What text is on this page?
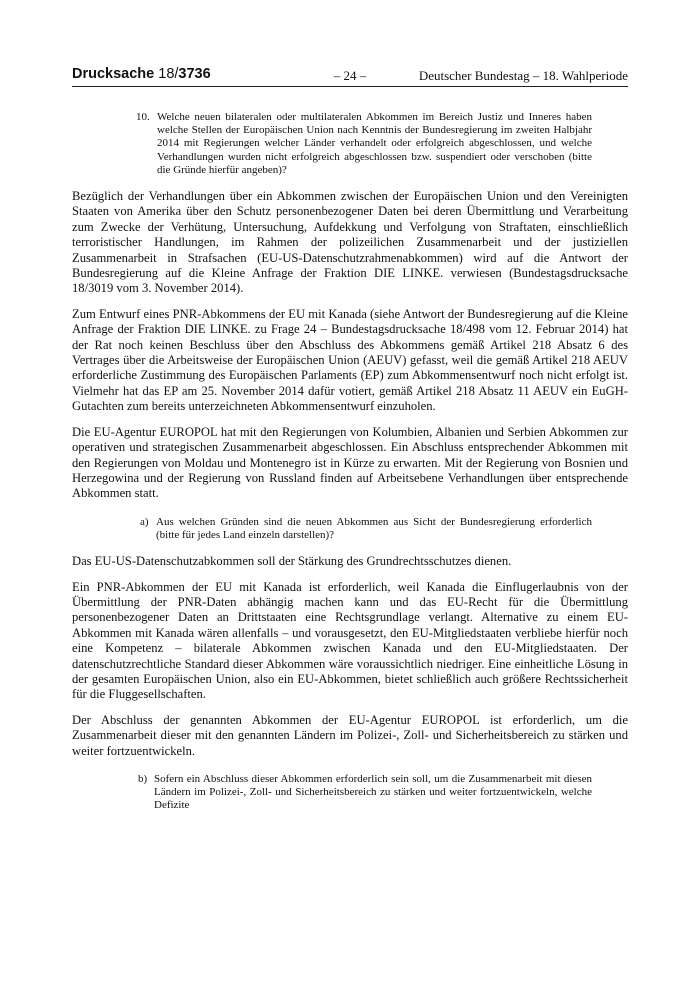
Drucksache 18/3736	– 24 –	Deutscher Bundestag – 18. Wahlperiode
10. Welche neuen bilateralen oder multilateralen Abkommen im Bereich Justiz und Inneres haben welche Stellen der Europäischen Union nach Kenntnis der Bundesregierung im zweiten Halbjahr 2014 mit Regierungen welcher Länder verhandelt oder erfolgreich abgeschlossen, und welche Verhandlungen wurden nicht erfolgreich abgeschlossen bzw. suspendiert oder verschoben (bitte die Gründe hierfür angeben)?

Bezüglich der Verhandlungen über ein Abkommen zwischen der Europäischen Union und den Vereinigten Staaten von Amerika über den Schutz personenbezogener Daten bei deren Übermittlung und Verarbeitung zum Zwecke der Verhütung, Untersuchung, Aufdekkung und Verfolgung von Straftaten, einschließlich terroristischer Handlungen, im Rahmen der polizeilichen Zusammenarbeit und der justiziellen Zusammenarbeit in Strafsachen (EU-US-Datenschutzrahmenabkommen) wird auf die Antwort der Bundesregierung auf die Kleine Anfrage der Fraktion DIE LINKE. verwiesen (Bundestagsdrucksache 18/3019 vom 3. November 2014).

Zum Entwurf eines PNR-Abkommens der EU mit Kanada (siehe Antwort der Bundesregierung auf die Kleine Anfrage der Fraktion DIE LINKE. zu Frage 24 – Bundestagsdrucksache 18/498 vom 12. Februar 2014) hat der Rat noch keinen Beschluss über den Abschluss des Abkommens gemäß Artikel 218 Absatz 6 des Vertrages über die Arbeitsweise der Europäischen Union (AEUV) gefasst, weil die gemäß Artikel 218 AEUV erforderliche Zustimmung des Europäischen Parlaments (EP) zum Abkommensentwurf noch nicht erfolgt ist. Vielmehr hat das EP am 25. November 2014 dafür votiert, gemäß Artikel 218 Absatz 11 AEUV ein EuGH-Gutachten zum bereits unterzeichneten Abkommensentwurf einzuholen.

Die EU-Agentur EUROPOL hat mit den Regierungen von Kolumbien, Albanien und Serbien Abkommen zur operativen und strategischen Zusammenarbeit abgeschlossen. Ein Abschluss entsprechender Abkommen mit den Regierungen von Moldau und Montenegro ist in Kürze zu erwarten. Mit der Regierung von Bosnien und Herzegowina und der Regierung von Russland finden auf Arbeitsebene Verhandlungen über entsprechende Abkommen statt.

a) Aus welchen Gründen sind die neuen Abkommen aus Sicht der Bundesregierung erforderlich (bitte für jedes Land einzeln darstellen)?

Das EU-US-Datenschutzabkommen soll der Stärkung des Grundrechtsschutzes dienen.

Ein PNR-Abkommen der EU mit Kanada ist erforderlich, weil Kanada die Einflugerlaubnis von der Übermittlung der PNR-Daten abhängig machen kann und das EU-Recht für die Übermittlung personenbezogener Daten an Drittstaaten eine Rechtsgrundlage verlangt. Alternative zu einem EU-Abkommen mit Kanada wären allenfalls – und vorausgesetzt, den EU-Mitgliedstaaten verbliebe hierfür noch eine Kompetenz – bilaterale Abkommen zwischen Kanada und den EU-Mitgliedstaaten. Der datenschutzrechtliche Standard dieser Abkommen wäre voraussichtlich niedriger. Eine einheitliche Lösung in der gesamten Europäischen Union, also ein EU-Abkommen, bietet schließlich auch größere Rechtssicherheit für die Fluggesellschaften.

Der Abschluss der genannten Abkommen der EU-Agentur EUROPOL ist erforderlich, um die Zusammenarbeit dieser mit den genannten Ländern im Polizei-, Zoll- und Sicherheitsbereich zu stärken und weiter fortzuentwickeln.

b) Sofern ein Abschluss dieser Abkommen erforderlich sein soll, um die Zusammenarbeit mit diesen Ländern im Polizei-, Zoll- und Sicherheitsbereich zu stärken und weiter fortzuentwickeln, welche Defizite
